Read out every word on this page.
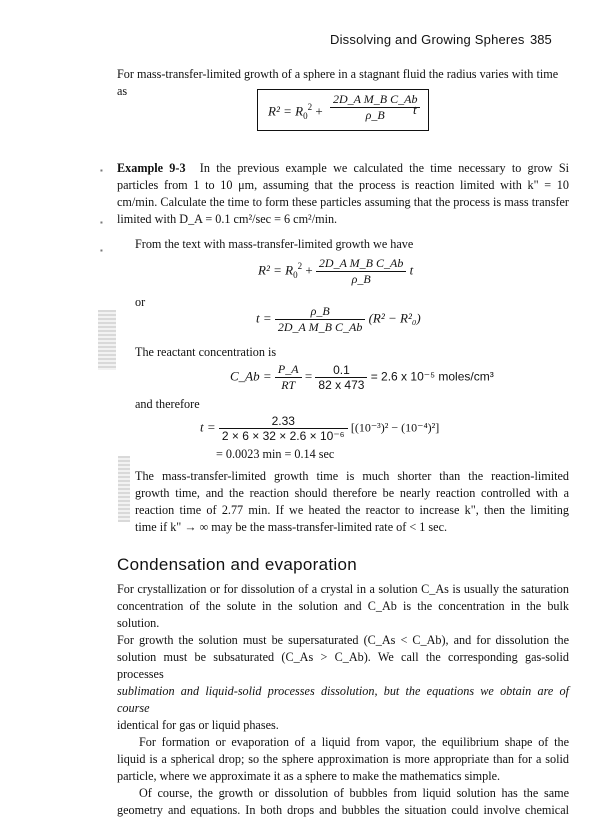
Dissolving and Growing Spheres 385
For mass-transfer-limited growth of a sphere in a stagnant fluid the radius varies with time as
$R^2 = R_0^2 + \frac{\text{2D\_A M\_B C\_Ab}}{\rho\_B}$
t
▪
▪
▪
Example 9-3 In the previous example we calculated the time necessary to grow Si
particles from 1 to 10 μm, assuming that the process is reaction limited with k" = 10
cm/min. Calculate the time to form these particles assuming that the process is mass transfer
limited with D_A = 0.1 cm²/sec = 6 cm²/min.
From the text with mass-transfer-limited growth we have
$R^2 = R_0^2 + \frac{\text{2D\_A M\_B C\_Ab}}{\rho\_B}$ t
or
$t = \frac{\rho\_B}{\text{2D\_A M\_B C\_Ab}} (R^2 - R^2_0)$
The reactant concentration is
C_Ab = $\frac{P\_A}{RT} = \frac{0.1}{82 x 473} = 2.6$ x 10⁻⁵ moles/cm³
and therefore
$t = \frac{2.33}{\text{2 × 6 × 32 × 2.6 × 10⁻⁶}} [(10^{-3})^2 - (10^{-4})^2]$
= 0.0023 min = 0.14 sec
The mass-transfer-limited growth time is much shorter than the reaction-limited
growth time, and the reaction should therefore be nearly reaction controlled with a
reaction time of 2.77 min. If we heated the reactor to increase k", then the limiting
time if k" → ∞ may be the mass-transfer-limited rate of < 1 sec.
Condensation and evaporation
For crystallization or for dissolution of a crystal in a solution C_As is usually the saturation
concentration of the solute in the solution and C_Ab is the concentration in the bulk solution.
For growth the solution must be supersaturated (C_As < C_Ab), and for dissolution the
solution must be subsaturated (C_As > C_Ab). We call the corresponding gas-solid processes
sublimation and liquid-solid processes dissolution, but the equations we obtain are of course
identical for gas or liquid phases.
For formation or evaporation of a liquid from vapor, the equilibrium shape of the
liquid is a spherical drop; so the sphere approximation is more appropriate than for a solid
particle, where we approximate it as a sphere to make the mathematics simple.
Of course, the growth or dissolution of bubbles from liquid solution has the same
geometry and equations. In both drops and bubbles the situation could involve chemical
